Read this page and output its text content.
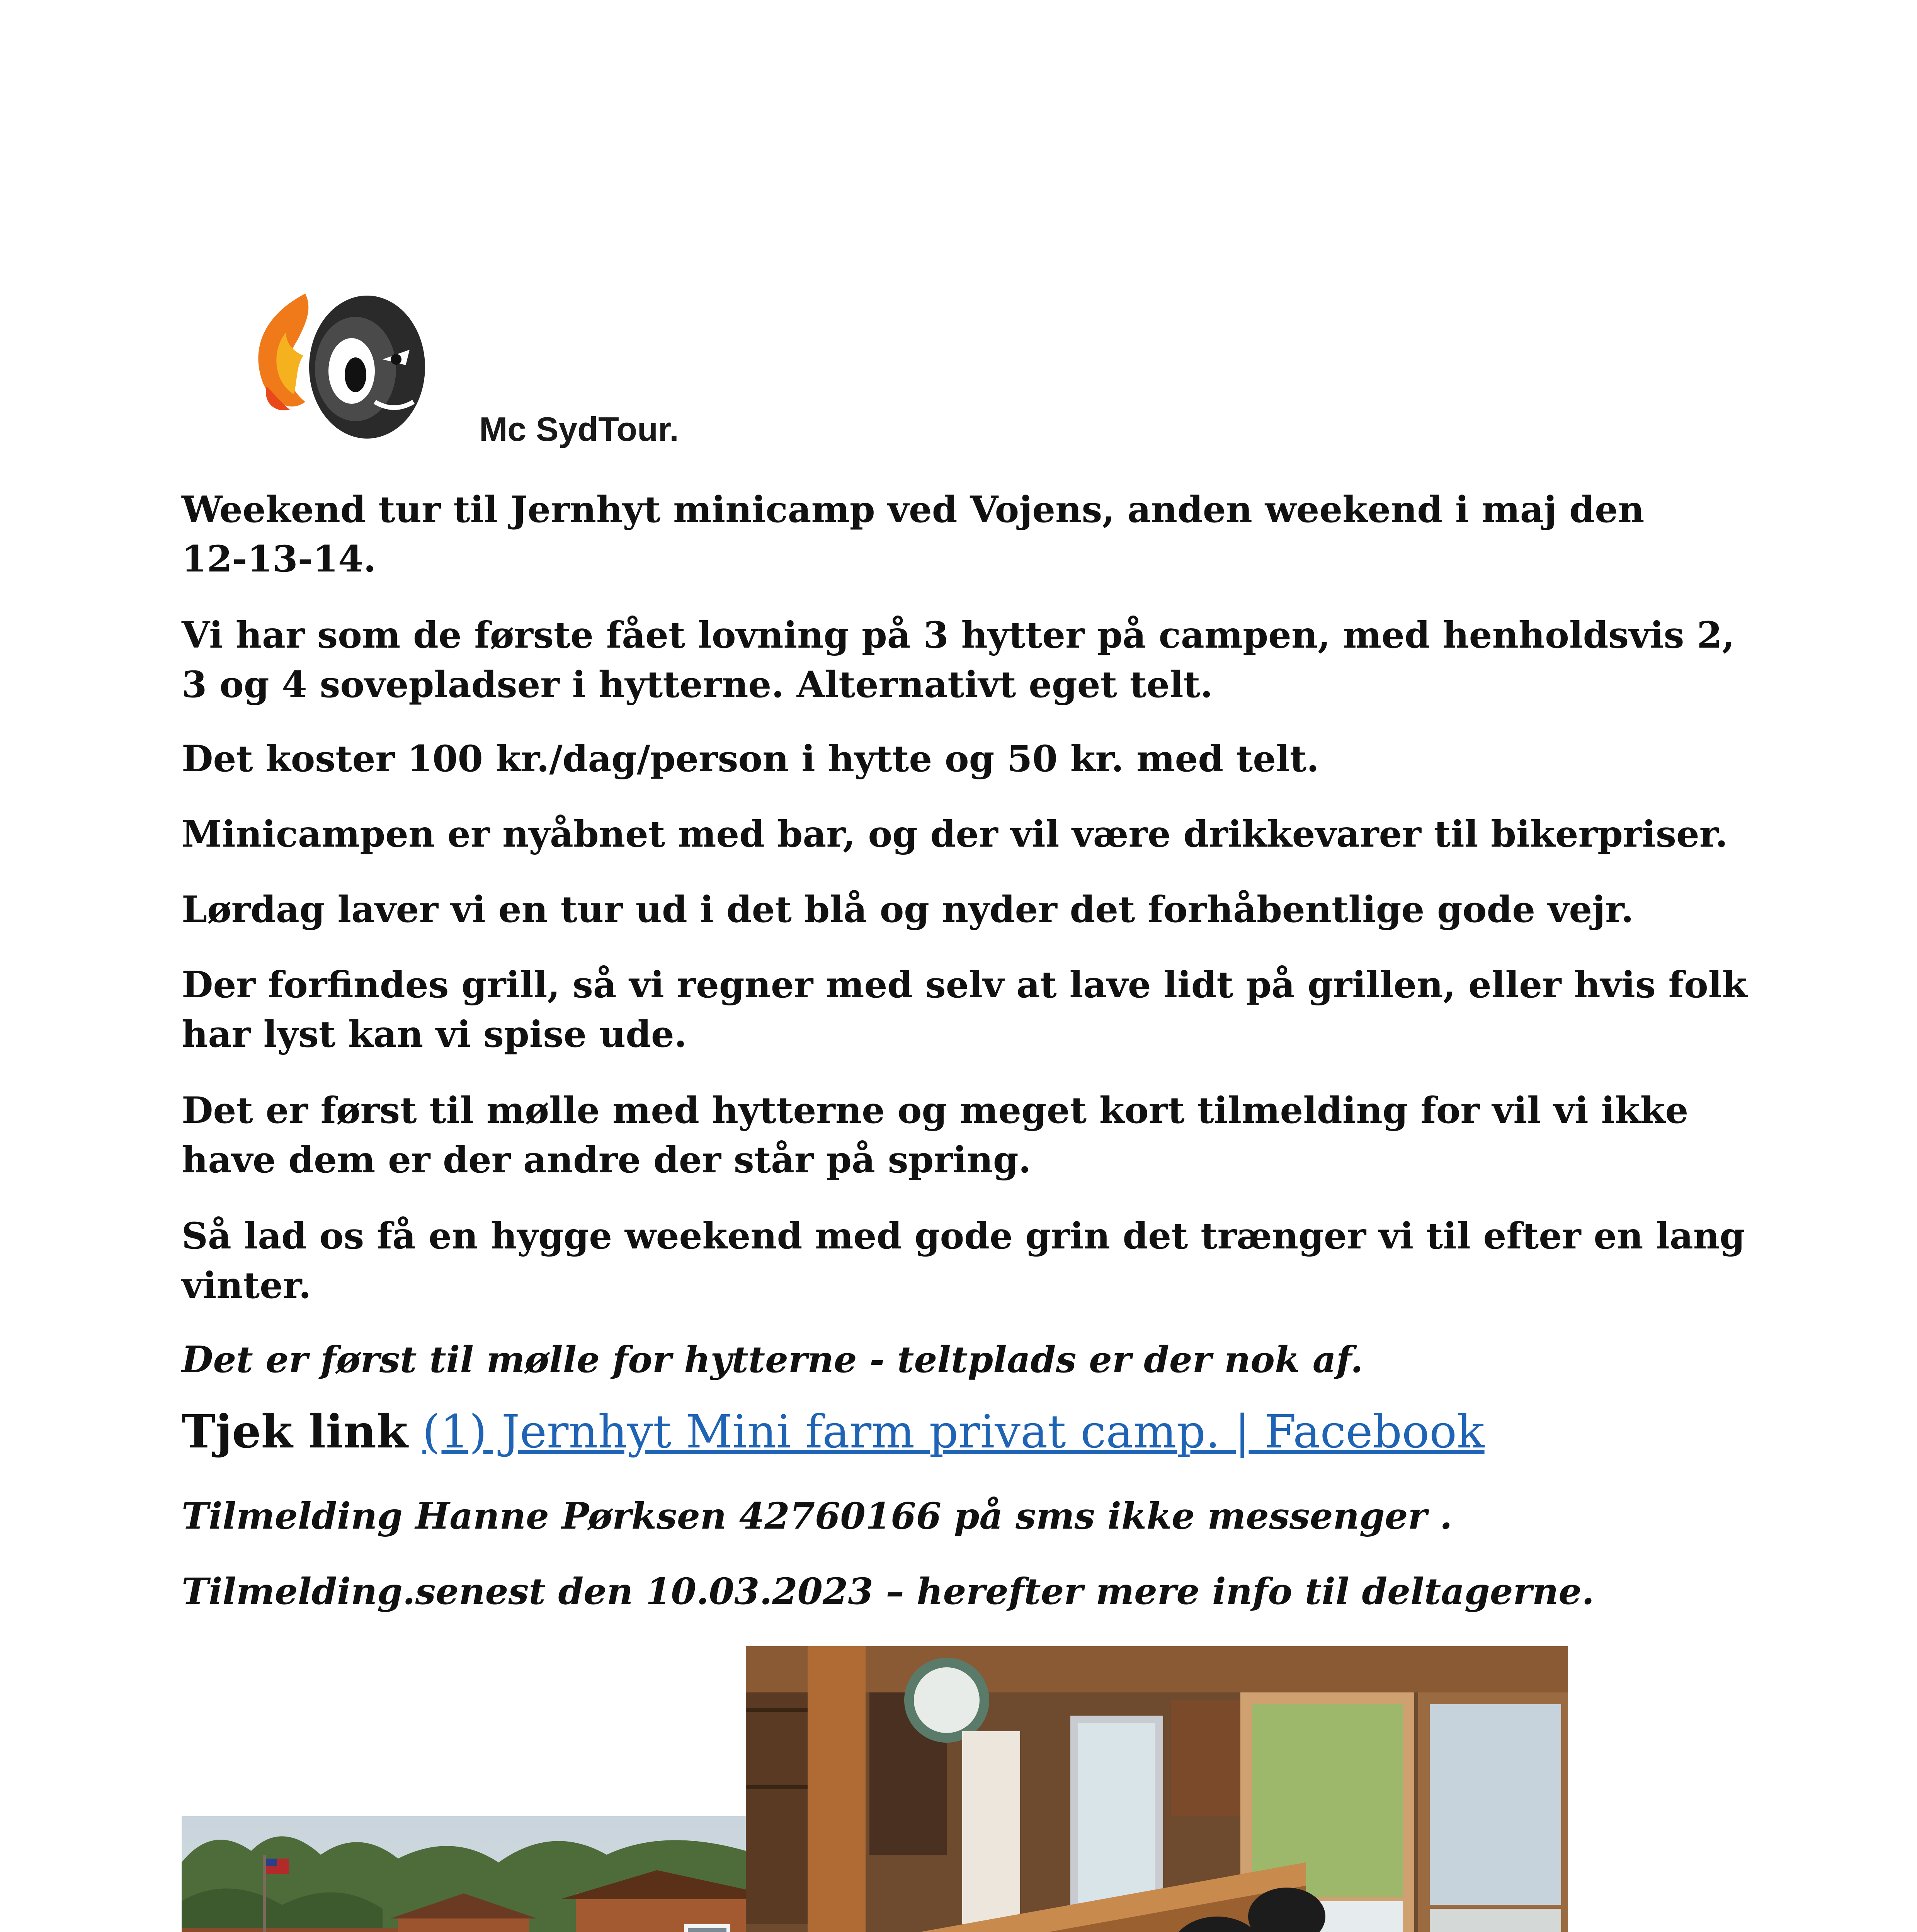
Mc SydTour.

Weekend tur til Jernhyt minicamp ved Vojens, anden weekend i maj den
12-13-14.

Vi har som de første fået lovning på 3 hytter på campen, med henholdsvis 2,
3 og 4 sovepladser i hytterne. Alternativt eget telt.

Det koster 100 kr./dag/person i hytte og 50 kr. med telt.

Minicampen er nyåbnet med bar, og der vil være drikkevarer til bikerpriser.

Lørdag laver vi en tur ud i det blå og nyder det forhåbentlige gode vejr.

Der forfindes grill, så vi regner med selv at lave lidt på grillen, eller hvis folk
har lyst kan vi spise ude.

Det er først til mølle med hytterne og meget kort tilmelding for vil vi ikke
have dem er der andre der står på spring.

Så lad os få en hygge weekend med gode grin det trænger vi til efter en lang
vinter.

Det er først til mølle for hytterne - teltplads er der nok af.

Tjek link (1) Jernhyt Mini farm privat camp. | Facebook

Tilmelding Hanne Pørksen 42760166 på sms ikke messenger .

Tilmelding.senest den 10.03.2023 – herefter mere info til deltagerne.
